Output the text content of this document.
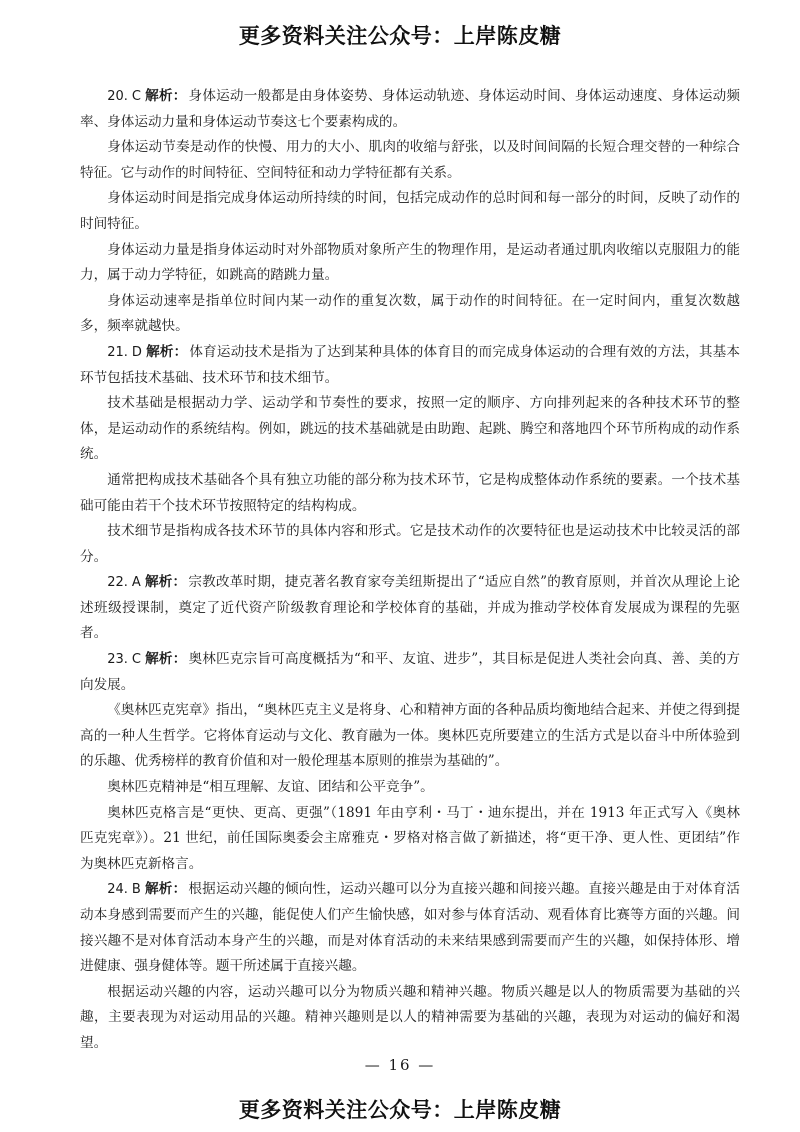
更多资料关注公众号：上岸陈皮糖

20. C 解析： 身体运动一般都是由身体姿势、身体运动轨迹、身体运动时间、身体运动速度、身体运动频率、身体运动力量和身体运动节奏这七个要素构成的。

身体运动节奏是动作的快慢、用力的大小、肌肉的收缩与舒张，以及时间间隔的长短合理交替的一种综合特征。它与动作的时间特征、空间特征和动力学特征都有关系。

身体运动时间是指完成身体运动所持续的时间，包括完成动作的总时间和每一部分的时间，反映了动作的时间特征。

身体运动力量是指身体运动时对外部物质对象所产生的物理作用，是运动者通过肌肉收缩以克服阻力的能力，属于动力学特征，如跳高的踏跳力量。

身体运动速率是指单位时间内某一动作的重复次数，属于动作的时间特征。在一定时间内，重复次数越多，频率就越快。

21. D 解析： 体育运动技术是指为了达到某种具体的体育目的而完成身体运动的合理有效的方法，其基本环节包括技术基础、技术环节和技术细节。

技术基础是根据动力学、运动学和节奏性的要求，按照一定的顺序、方向排列起来的各种技术环节的整体，是运动动作的系统结构。例如，跳远的技术基础就是由助跑、起跳、腾空和落地四个环节所构成的动作系统。

通常把构成技术基础各个具有独立功能的部分称为技术环节，它是构成整体动作系统的要素。一个技术基础可能由若干个技术环节按照特定的结构构成。

技术细节是指构成各技术环节的具体内容和形式。它是技术动作的次要特征也是运动技术中比较灵活的部分。

22. A 解析： 宗教改革时期，捷克著名教育家夸美纽斯提出了“适应自然”的教育原则，并首次从理论上论述班级授课制，奠定了近代资产阶级教育理论和学校体育的基础，并成为推动学校体育发展成为课程的先驱者。

23. C 解析： 奥林匹克宗旨可高度概括为“和平、友谊、进步”，其目标是促进人类社会向真、善、美的方向发展。

《奥林匹克宪章》指出，“奥林匹克主义是将身、心和精神方面的各种品质均衡地结合起来、并使之得到提高的一种人生哲学。它将体育运动与文化、教育融为一体。奥林匹克所要建立的生活方式是以奋斗中所体验到的乐趣、优秀榜样的教育价值和对一般伦理基本原则的推崇为基础的”。

奥林匹克精神是“相互理解、友谊、团结和公平竞争”。

奥林匹克格言是“更快、更高、更强”（1891 年由亨利・马丁・迪东提出，并在 1913 年正式写入《奥林匹克宪章》）。21 世纪，前任国际奥委会主席雅克・罗格对格言做了新描述，将“更干净、更人性、更团结”作为奥林匹克新格言。

24. B 解析： 根据运动兴趣的倾向性，运动兴趣可以分为直接兴趣和间接兴趣。直接兴趣是由于对体育活动本身感到需要而产生的兴趣，能促使人们产生愉快感，如对参与体育活动、观看体育比赛等方面的兴趣。间接兴趣不是对体育活动本身产生的兴趣，而是对体育活动的未来结果感到需要而产生的兴趣，如保持体形、增进健康、强身健体等。题干所述属于直接兴趣。

根据运动兴趣的内容，运动兴趣可以分为物质兴趣和精神兴趣。物质兴趣是以人的物质需要为基础的兴趣，主要表现为对运动用品的兴趣。精神兴趣则是以人的精神需要为基础的兴趣，表现为对运动的偏好和渴望。

— 16 —
更多资料关注公众号：上岸陈皮糖
